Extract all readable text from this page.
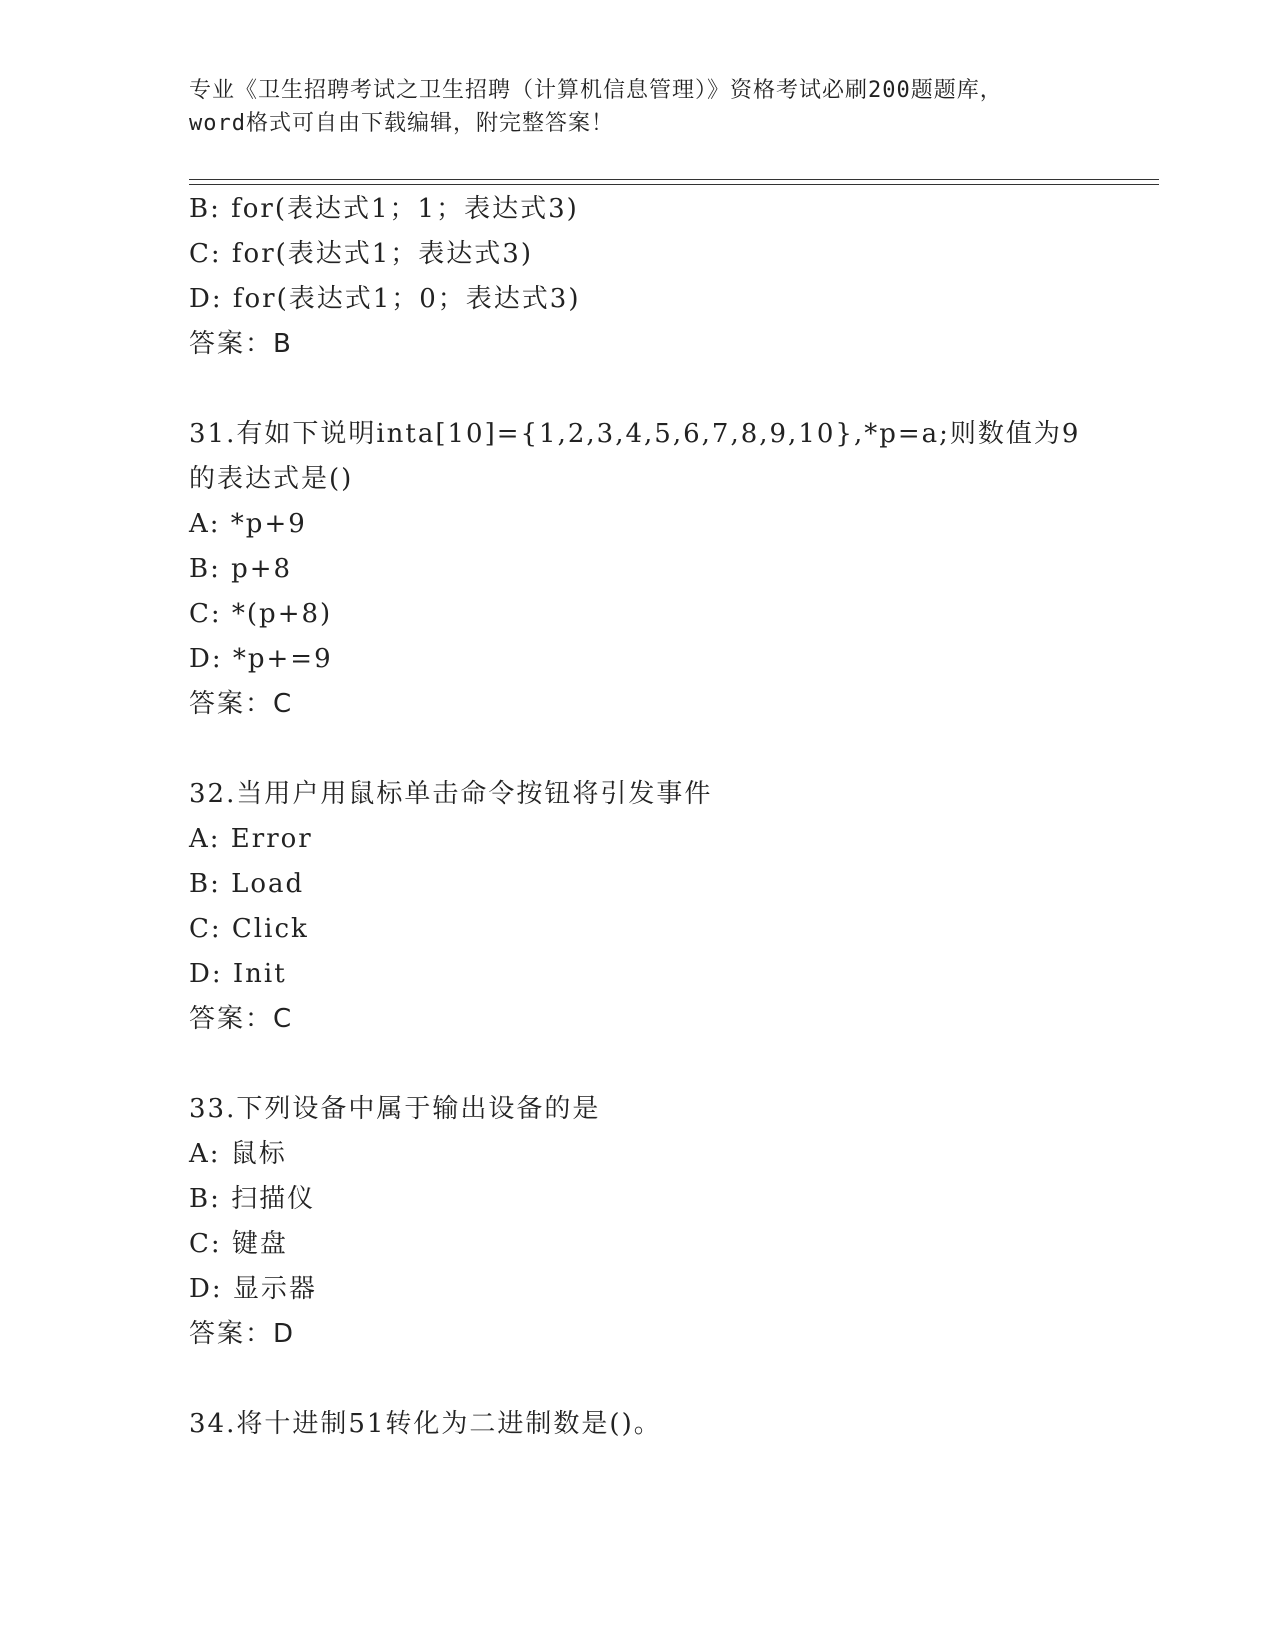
专业《卫生招聘考试之卫生招聘（计算机信息管理）》资格考试必刷200题题库，
word格式可自由下载编辑，附完整答案！
B: for(表达式1；1；表达式3)
C: for(表达式1；表达式3)
D: for(表达式1；0；表达式3)
答案：B
31.有如下说明inta[10]={1,2,3,4,5,6,7,8,9,10},*p=a;则数值为9
的表达式是()
A: *p+9
B: p+8
C: *(p+8)
D: *p+=9
答案：C
32.当用户用鼠标单击命令按钮将引发事件
A: Error
B: Load
C: Click
D: Init
答案：C
33.下列设备中属于输出设备的是
A: 鼠标
B: 扫描仪
C: 键盘
D: 显示器
答案：D
34.将十进制51转化为二进制数是()。
